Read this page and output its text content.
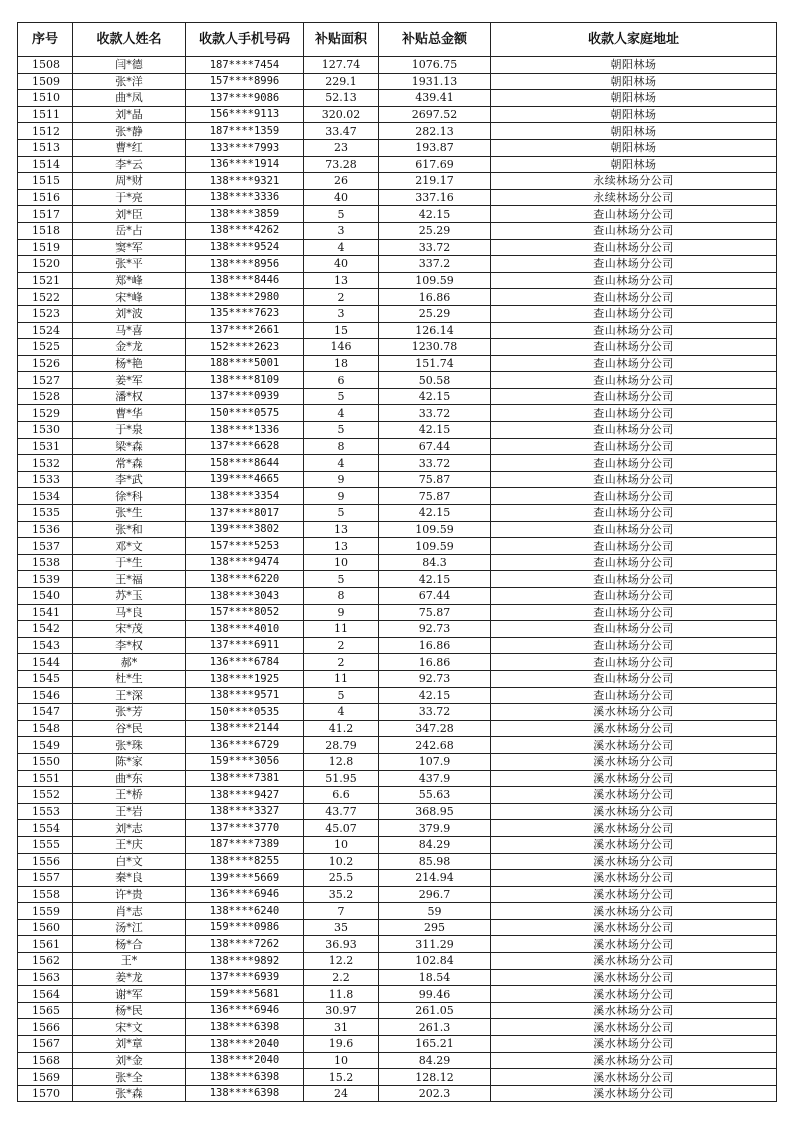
序号	收款人姓名	收款人手机号码	补贴面积	补贴总金额	收款人家庭地址
1508	闫*德	187****7454	127.74	1076.75	朝阳林场
1509	张*洋	157****8996	229.1	1931.13	朝阳林场
1510	曲*凤	137****9086	52.13	439.41	朝阳林场
1511	刘*晶	156****9113	320.02	2697.52	朝阳林场
1512	张*静	187****1359	33.47	282.13	朝阳林场
1513	曹*红	133****7993	23	193.87	朝阳林场
1514	李*云	136****1914	73.28	617.69	朝阳林场
1515	周*财	138****9321	26	219.17	永续林场分公司
1516	于*亮	138****3336	40	337.16	永续林场分公司
1517	刘*臣	138****3859	5	42.15	查山林场分公司
1518	岳*占	138****4262	3	25.29	查山林场分公司
1519	窦*军	138****9524	4	33.72	查山林场分公司
1520	张*平	138****8956	40	337.2	查山林场分公司
1521	郑*峰	138****8446	13	109.59	查山林场分公司
1522	宋*峰	138****2980	2	16.86	查山林场分公司
1523	刘*波	135****7623	3	25.29	查山林场分公司
1524	马*喜	137****2661	15	126.14	查山林场分公司
1525	金*龙	152****2623	146	1230.78	查山林场分公司
1526	杨*艳	188****5001	18	151.74	查山林场分公司
1527	姜*军	138****8109	6	50.58	查山林场分公司
1528	潘*权	137****0939	5	42.15	查山林场分公司
1529	曹*华	150****0575	4	33.72	查山林场分公司
1530	于*泉	138****1336	5	42.15	查山林场分公司
1531	梁*森	137****6628	8	67.44	查山林场分公司
1532	常*森	158****8644	4	33.72	查山林场分公司
1533	李*武	139****4665	9	75.87	查山林场分公司
1534	徐*科	138****3354	9	75.87	查山林场分公司
1535	张*生	137****8017	5	42.15	查山林场分公司
1536	张*和	139****3802	13	109.59	查山林场分公司
1537	邓*文	157****5253	13	109.59	查山林场分公司
1538	于*生	138****9474	10	84.3	查山林场分公司
1539	王*福	138****6220	5	42.15	查山林场分公司
1540	苏*玉	138****3043	8	67.44	查山林场分公司
1541	马*良	157****8052	9	75.87	查山林场分公司
1542	宋*茂	138****4010	11	92.73	查山林场分公司
1543	李*权	137****6911	2	16.86	查山林场分公司
1544	郝*	136****6784	2	16.86	查山林场分公司
1545	杜*生	138****1925	11	92.73	查山林场分公司
1546	王*深	138****9571	5	42.15	查山林场分公司
1547	张*芳	150****0535	4	33.72	溪水林场分公司
1548	谷*民	138****2144	41.2	347.28	溪水林场分公司
1549	张*珠	136****6729	28.79	242.68	溪水林场分公司
1550	陈*家	159****3056	12.8	107.9	溪水林场分公司
1551	曲*东	138****7381	51.95	437.9	溪水林场分公司
1552	王*桥	138****9427	6.6	55.63	溪水林场分公司
1553	王*岩	138****3327	43.77	368.95	溪水林场分公司
1554	刘*志	137****3770	45.07	379.9	溪水林场分公司
1555	王*庆	187****7389	10	84.29	溪水林场分公司
1556	白*文	138****8255	10.2	85.98	溪水林场分公司
1557	秦*良	139****5669	25.5	214.94	溪水林场分公司
1558	许*贵	136****6946	35.2	296.7	溪水林场分公司
1559	肖*志	138****6240	7	59	溪水林场分公司
1560	汤*江	159****0986	35	295	溪水林场分公司
1561	杨*合	138****7262	36.93	311.29	溪水林场分公司
1562	王*	138****9892	12.2	102.84	溪水林场分公司
1563	姜*龙	137****6939	2.2	18.54	溪水林场分公司
1564	谢*军	159****5681	11.8	99.46	溪水林场分公司
1565	杨*民	136****6946	30.97	261.05	溪水林场分公司
1566	宋*文	138****6398	31	261.3	溪水林场分公司
1567	刘*章	138****2040	19.6	165.21	溪水林场分公司
1568	刘*金	138****2040	10	84.29	溪水林场分公司
1569	张*全	138****6398	15.2	128.12	溪水林场分公司
1570	张*森	138****6398	24	202.3	溪水林场分公司
